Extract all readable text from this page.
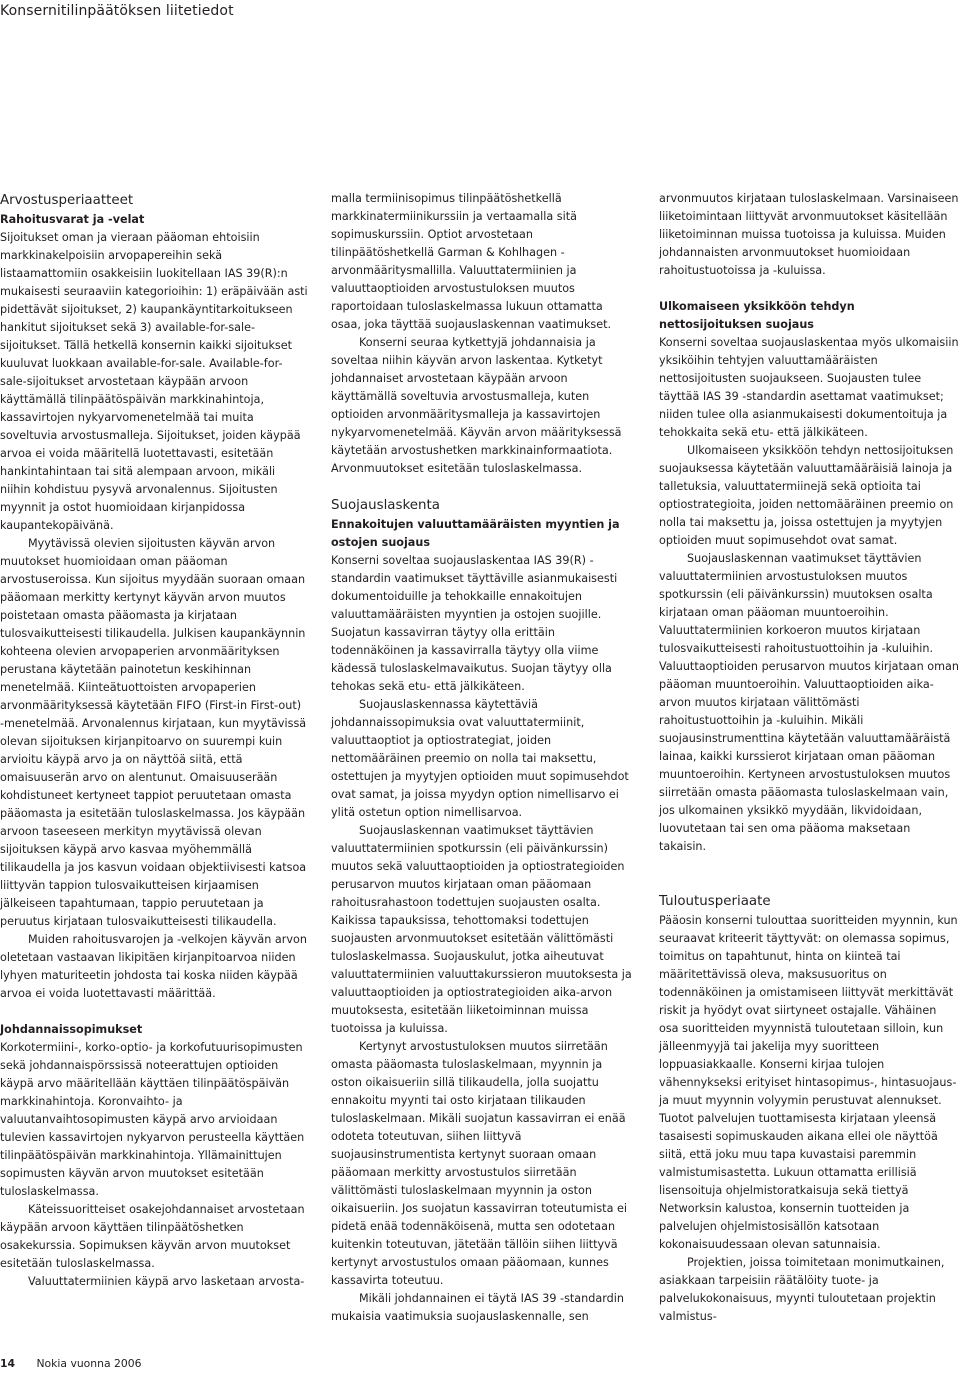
Konsernitilinpäätöksen liitetiedot

Arvostusperiaatteet

Rahoitusvarat ja -velat

Sijoitukset oman ja vieraan pääoman ehtoisiin markkinakelpoisiin arvopapereihin sekä listaamattomiin osakkeisiin luokitellaan IAS 39(R):n mukaisesti seuraaviin kategorioihin: 1) eräpäivään asti pidettävät sijoitukset, 2) kaupankäyntitarkoitukseen hankitut sijoitukset sekä 3) available-for-sale-sijoitukset. Tällä hetkellä konsernin kaikki sijoitukset kuuluvat luokkaan available-for-sale. Available-for-sale-sijoitukset arvostetaan käypään arvoon käyttämällä tilinpäätöspäivän markkinahintoja, kassavirtojen nykyarvomenetelmää tai muita soveltuvia arvostusmalleja. Sijoitukset, joiden käypää arvoa ei voida määritellä luotettavasti, esitetään hankintahintaan tai sitä alempaan arvoon, mikäli niihin kohdistuu pysyvä arvonalennus. Sijoitusten myynnit ja ostot huomioidaan kirjanpidossa kaupantekopäivänä.

Myytävissä olevien sijoitusten käyvän arvon muutokset huomioidaan oman pääoman arvostuseroissa. Kun sijoitus myydään suoraan omaan pääomaan merkitty kertynyt käyvän arvon muutos poistetaan omasta pääomasta ja kirjataan tulosvaikutteisesti tilikaudella. Julkisen kaupankäynnin kohteena olevien arvopaperien arvonmäärityksen perustana käytetään painotetun keskihinnan menetelmää. Kiinteätuottoisten arvopaperien arvonmäärityksessä käytetään FIFO (First-in First-out) -menetelmää. Arvonalennus kirjataan, kun myytävissä olevan sijoituksen kirjanpitoarvo on suurempi kuin arvioitu käypä arvo ja on näyttöä siitä, että omaisuuserän arvo on alentunut. Omaisuuserään kohdistuneet kertyneet tappiot peruutetaan omasta pääomasta ja esitetään tuloslaskelmassa. Jos käypään arvoon taseeseen merkityn myytävissä olevan sijoituksen käypä arvo kasvaa myöhemmällä tilikaudella ja jos kasvun voidaan objektiivisesti katsoa liittyvän tappion tulosvaikutteisen kirjaamisen jälkeiseen tapahtumaan, tappio peruutetaan ja peruutus kirjataan tulosvaikutteisesti tilikaudella.

Muiden rahoitusvarojen ja -velkojen käyvän arvon oletetaan vastaavan likipitäen kirjanpitoarvoa niiden lyhyen maturiteetin johdosta tai koska niiden käypää arvoa ei voida luotettavasti määrittää.

Johdannaissopimukset

Korkotermiini-, korko-optio- ja korkofutuurisopimusten sekä johdannaispörssissä noteerattujen optioiden käypä arvo määritellään käyttäen tilinpäätöspäivän markkinahintoja. Koronvaihto- ja valuutanvaihtosopimusten käypä arvo arvioidaan tulevien kassavirtojen nykyarvon perusteella käyttäen tilinpäätöspäivän markkinahintoja. Yllämainittujen sopimusten käyvän arvon muutokset esitetään tuloslaskelmassa.

Käteissuoritteiset osakejohdannaiset arvostetaan käypään arvoon käyttäen tilinpäätöshetken osakekurssia. Sopimuksen käyvän arvon muutokset esitetään tuloslaskelmassa.

Valuuttatermiinien käypä arvo lasketaan arvosta-

malla termiinisopimus tilinpäätöshetkellä markkinatermiinikurssiin ja vertaamalla sitä sopimuskurssiin. Optiot arvostetaan tilinpäätöshetkellä Garman & Kohlhagen -arvonmääritysmallilla. Valuuttatermiinien ja valuuttaoptioiden arvostustuloksen muutos raportoidaan tuloslaskelmassa lukuun ottamatta osaa, joka täyttää suojauslaskennan vaatimukset.

Konserni seuraa kytkettyjä johdannaisia ja soveltaa niihin käyvän arvon laskentaa. Kytketyt johdannaiset arvostetaan käypään arvoon käyttämällä soveltuvia arvostusmalleja, kuten optioiden arvonmääritysmalleja ja kassavirtojen nykyarvomenetelmää. Käyvän arvon määrityksessä käytetään arvostushetken markkinainformaatiota. Arvonmuutokset esitetään tuloslaskelmassa.

Suojauslaskenta

Ennakoitujen valuuttamääräisten myyntien ja ostojen suojaus

Konserni soveltaa suojauslaskentaa IAS 39(R) -standardin vaatimukset täyttäville asianmukaisesti dokumentoiduille ja tehokkaille ennakoitujen valuuttamääräisten myyntien ja ostojen suojille. Suojatun kassavirran täytyy olla erittäin todennäköinen ja kassavirralla täytyy olla viime kädessä tuloslaskelmavaikutus. Suojan täytyy olla tehokas sekä etu- että jälkikäteen.

Suojauslaskennassa käytettäviä johdannaissopimuksia ovat valuuttatermiinit, valuuttaoptiot ja optiostrategiat, joiden nettomääräinen preemio on nolla tai maksettu, ostettujen ja myytyjen optioiden muut sopimusehdot ovat samat, ja joissa myydyn option nimellisarvo ei ylitä ostetun option nimellisarvoa.

Suojauslaskennan vaatimukset täyttävien valuuttatermiinien spotkurssin (eli päivänkurssin) muutos sekä valuuttaoptioiden ja optiostrategioiden perusarvon muutos kirjataan oman pääomaan rahoitusrahastoon todettujen suojausten osalta. Kaikissa tapauksissa, tehottomaksi todettujen suojausten arvonmuutokset esitetään välittömästi tuloslaskelmassa. Suojauskulut, jotka aiheutuvat valuuttatermiinien valuuttakurssieron muutoksesta ja valuuttaoptioiden ja optiostrategioiden aika-arvon muutoksesta, esitetään liiketoiminnan muissa tuotoissa ja kuluissa.

Kertynyt arvostustuloksen muutos siirretään omasta pääomasta tuloslaskelmaan, myynnin ja oston oikaisueriin sillä tilikaudella, jolla suojattu ennakoitu myynti tai osto kirjataan tilikauden tuloslaskelmaan. Mikäli suojatun kassavirran ei enää odoteta toteutuvan, siihen liittyvä suojausinstrumentista kertynyt suoraan omaan pääomaan merkitty arvostustulos siirretään välittömästi tuloslaskelmaan myynnin ja oston oikaisueriin. Jos suojatun kassavirran toteutumista ei pidetä enää todennäköisenä, mutta sen odotetaan kuitenkin toteutuvan, jätetään tällöin siihen liittyvä kertynyt arvostustulos omaan pääomaan, kunnes kassavirta toteutuu.

Mikäli johdannainen ei täytä IAS 39 -standardin mukaisia vaatimuksia suojauslaskennalle, sen

arvonmuutos kirjataan tuloslaskelmaan. Varsinaiseen liiketoimintaan liittyvät arvonmuutokset käsitellään liiketoiminnan muissa tuotoissa ja kuluissa. Muiden johdannaisten arvonmuutokset huomioidaan rahoitustuotoissa ja -kuluissa.

Ulkomaiseen yksikköön tehdyn nettosijoituksen suojaus

Konserni soveltaa suojauslaskentaa myös ulkomaisiin yksiköihin tehtyjen valuuttamääräisten nettosijoitusten suojaukseen. Suojausten tulee täyttää IAS 39 -standardin asettamat vaatimukset; niiden tulee olla asianmukaisesti dokumentoituja ja tehokkaita sekä etu- että jälkikäteen.

Ulkomaiseen yksikköön tehdyn nettosijoituksen suojauksessa käytetään valuuttamääräisiä lainoja ja talletuksia, valuuttatermiinejä sekä optioita tai optiostrategioita, joiden nettomääräinen preemio on nolla tai maksettu ja, joissa ostettujen ja myytyjen optioiden muut sopimusehdot ovat samat.

Suojauslaskennan vaatimukset täyttävien valuuttatermiinien arvostustuloksen muutos spotkurssin (eli päivänkurssin) muutoksen osalta kirjataan oman pääoman muuntoeroihin. Valuuttatermiinien korkoeron muutos kirjataan tulosvaikutteisesti rahoitustuottoihin ja -kuluihin. Valuuttaoptioiden perusarvon muutos kirjataan oman pääoman muuntoeroihin. Valuuttaoptioiden aika-arvon muutos kirjataan välittömästi rahoitustuottoihin ja -kuluihin. Mikäli suojausinstrumenttina käytetään valuuttamääräistä lainaa, kaikki kurssierot kirjataan oman pääoman muuntoeroihin. Kertyneen arvostustuloksen muutos siirretään omasta pääomasta tuloslaskelmaan vain, jos ulkomainen yksikkö myydään, likvidoidaan, luovutetaan tai sen oma pääoma maksetaan takaisin.

Tuloutusperiaate

Pääosin konserni tulouttaa suoritteiden myynnin, kun seuraavat kriteerit täyttyvät: on olemassa sopimus, toimitus on tapahtunut, hinta on kiinteä tai määritettävissä oleva, maksusuoritus on todennäköinen ja omistamiseen liittyvät merkittävät riskit ja hyödyt ovat siirtyneet ostajalle. Vähäinen osa suoritteiden myynnistä tuloutetaan silloin, kun jälleenmyyjä tai jakelija myy suoritteen loppuasiakkaalle. Konserni kirjaa tulojen vähennykseksi erityiset hintasopimus-, hintasuojaus- ja muut myynnin volyymin perustuvat alennukset. Tuotot palvelujen tuottamisesta kirjataan yleensä tasaisesti sopimuskauden aikana ellei ole näyttöä siitä, että joku muu tapa kuvastaisi paremmin valmistumisastetta. Lukuun ottamatta erillisiä lisensoituja ohjelmistoratkaisuja sekä tiettyä Networksin kalustoa, konsernin tuotteiden ja palvelujen ohjelmistosisällön katsotaan kokonaisuudessaan olevan satunnaisia.

Projektien, joissa toimitetaan monimutkainen, asiakkaan tarpeisiin räätälöity tuote- ja palvelukokonaisuus, myynti tuloutetaan projektin valmistus-

14 Nokia vuonna 2006
